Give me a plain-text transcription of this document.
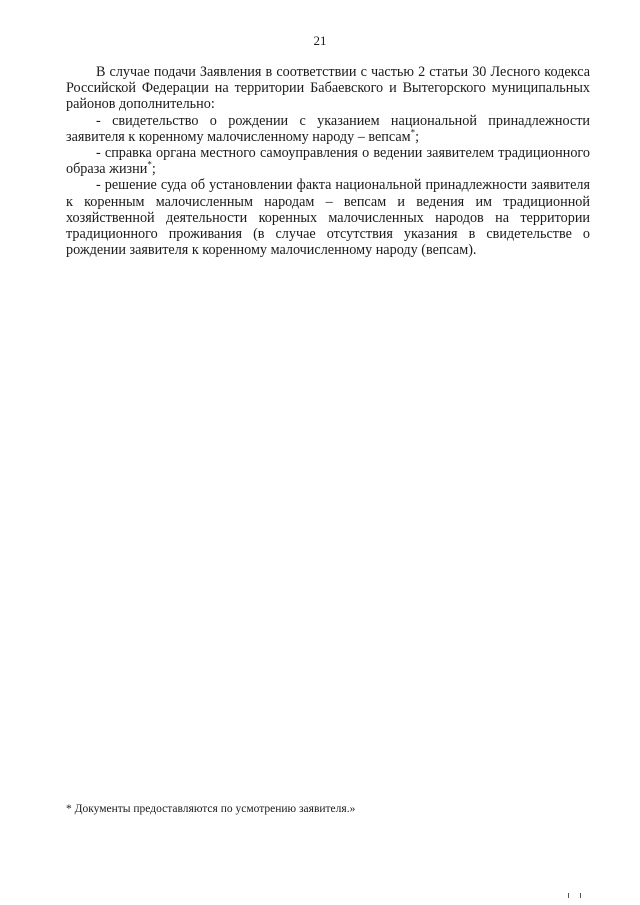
21

В случае подачи Заявления в соответствии с частью 2 статьи 30 Лесного кодекса Российской Федерации на территории Бабаевского и Вытегорского муниципальных районов дополнительно:

- свидетельство о рождении с указанием национальной принадлежности заявителя к коренному малочисленному народу – вепсам*;

- справка органа местного самоуправления о ведении заявителем традиционного образа жизни*;

- решение суда об установлении факта национальной принадлежности заявителя к коренным малочисленным народам – вепсам и ведения им традиционной хозяйственной деятельности коренных малочисленных народов на территории традиционного проживания (в случае отсутствия указания в свидетельстве о рождении заявителя к коренному малочисленному народу (вепсам).

* Документы предоставляются по усмотрению заявителя.»
